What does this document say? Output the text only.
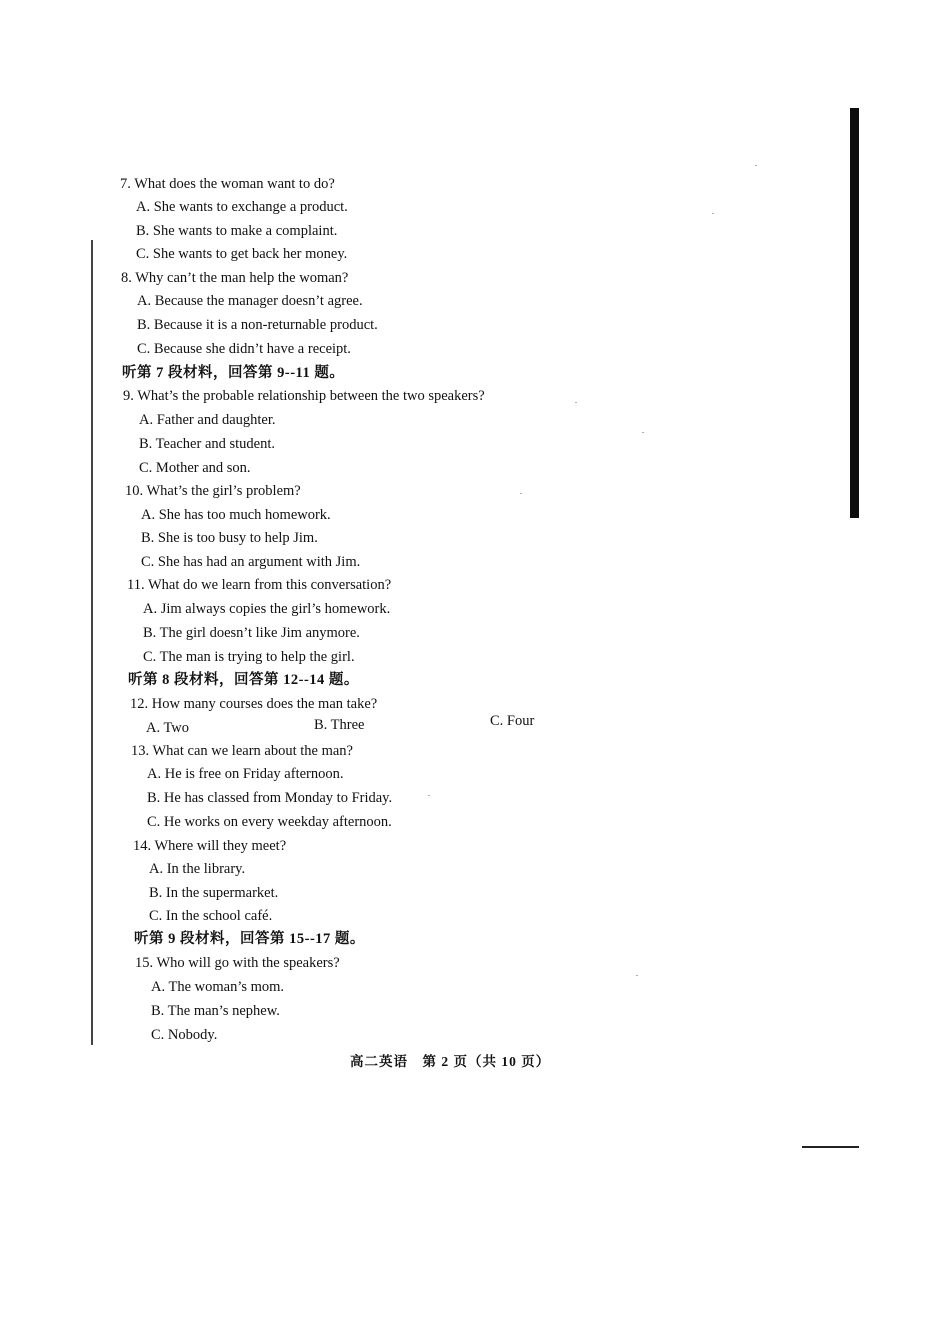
7. What does the woman want to do?
A. She wants to exchange a product.
B. She wants to make a complaint.
C. She wants to get back her money.
8. Why can’t the man help the woman?
A. Because the manager doesn’t agree.
B. Because it is a non-returnable product.
C. Because she didn’t have a receipt.
听第 7 段材料，回答第 9--11 题。
9. What’s the probable relationship between the two speakers?
A. Father and daughter.
B. Teacher and student.
C. Mother and son.
10. What’s the girl’s problem?
A. She has too much homework.
B. She is too busy to help Jim.
C. She has had an argument with Jim.
11. What do we learn from this conversation?
A. Jim always copies the girl’s homework.
B. The girl doesn’t like Jim anymore.
C. The man is trying to help the girl.
听第 8 段材料，回答第 12--14 题。
12. How many courses does the man take?
A. Two	B. Three	C. Four
13. What can we learn about the man?
A. He is free on Friday afternoon.
B. He has classed from Monday to Friday.
C. He works on every weekday afternoon.
14. Where will they meet?
A. In the library.
B. In the supermarket.
C. In the school café.
听第 9 段材料，回答第 15--17 题。
15. Who will go with the speakers?
A. The woman’s mom.
B. The man’s nephew.
C. Nobody.
高二英语　第 2 页（共 10 页）
